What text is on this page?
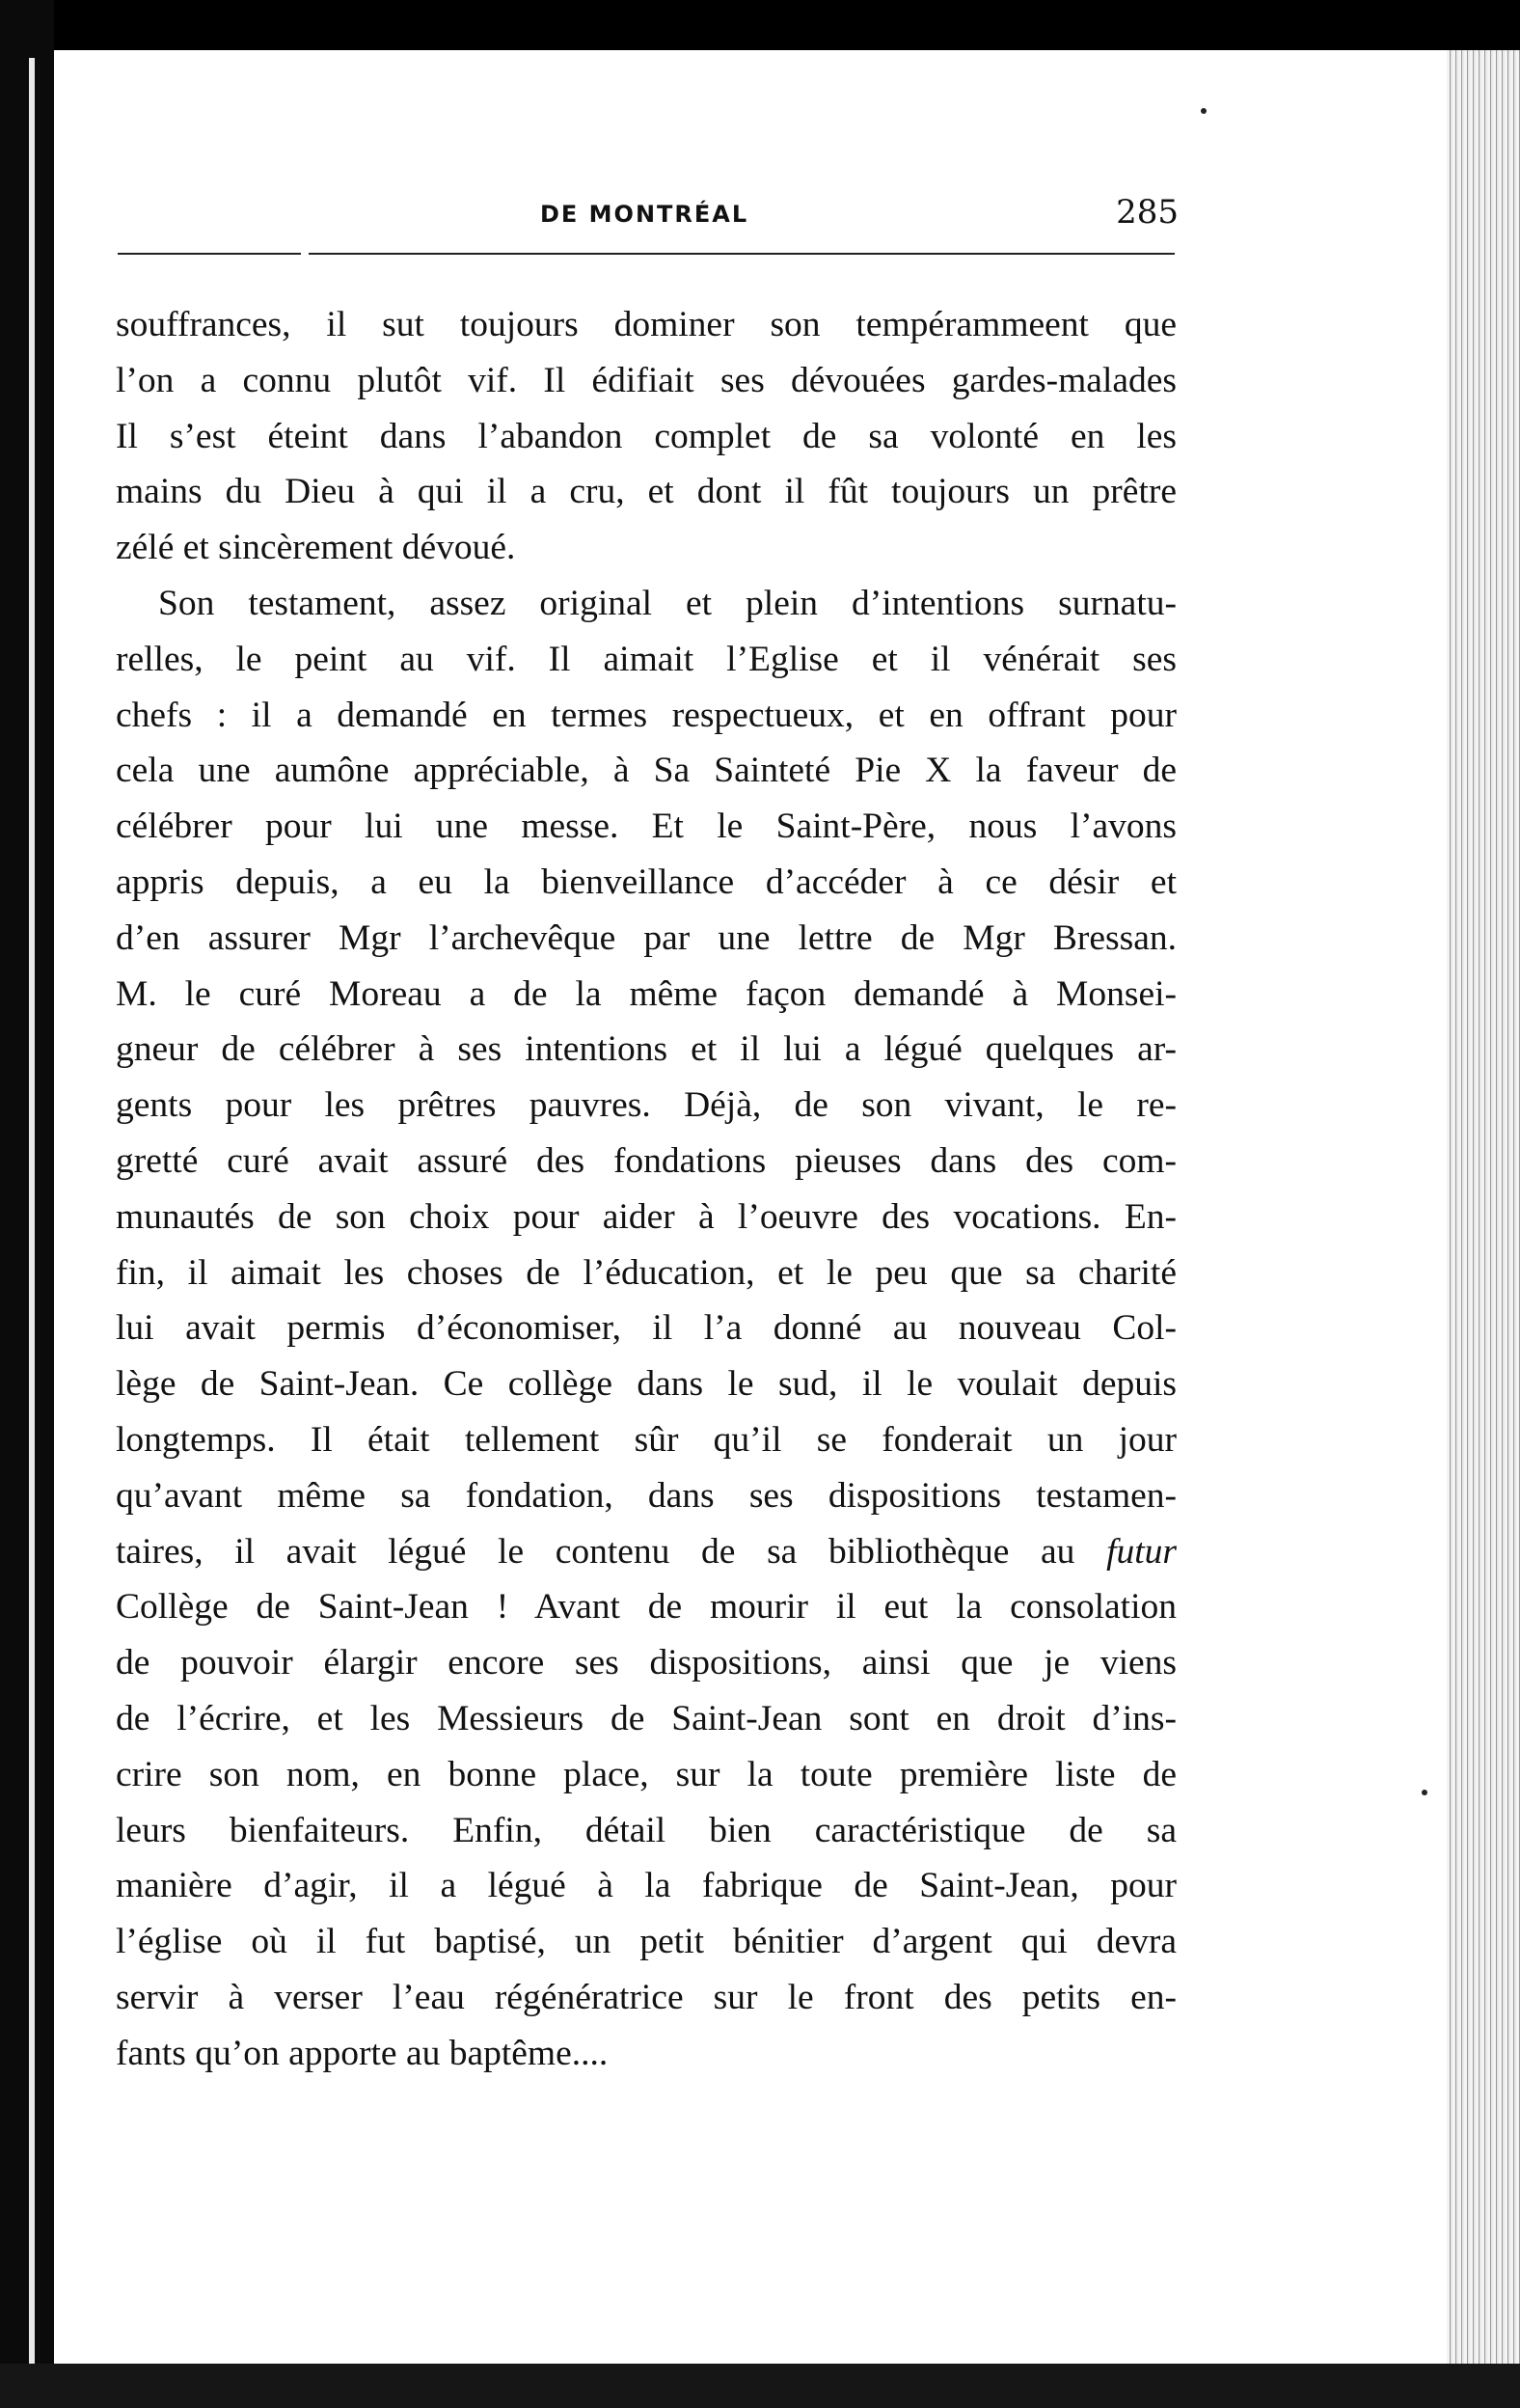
DE MONTRÉAL	285
souffrances, il sut toujours dominer son tempérammeent que
l’on a connu plutôt vif. Il édifiait ses dévouées gardes-malades
Il s’est éteint dans l’abandon complet de sa volonté en les
mains du Dieu à qui il a cru, et dont il fût toujours un prêtre
zélé et sincèrement dévoué.
Son testament, assez original et plein d’intentions surnatu-
relles, le peint au vif. Il aimait l’Eglise et il vénérait ses
chefs : il a demandé en termes respectueux, et en offrant pour
cela une aumône appréciable, à Sa Sainteté Pie X la faveur de
célébrer pour lui une messe. Et le Saint-Père, nous l’avons
appris depuis, a eu la bienveillance d’accéder à ce désir et
d’en assurer Mgr l’archevêque par une lettre de Mgr Bressan.
M. le curé Moreau a de la même façon demandé à Monsei-
gneur de célébrer à ses intentions et il lui a légué quelques ar-
gents pour les prêtres pauvres. Déjà, de son vivant, le re-
gretté curé avait assuré des fondations pieuses dans des com-
munautés de son choix pour aider à l’oeuvre des vocations. En-
fin, il aimait les choses de l’éducation, et le peu que sa charité
lui avait permis d’économiser, il l’a donné au nouveau Col-
lège de Saint-Jean. Ce collège dans le sud, il le voulait depuis
longtemps. Il était tellement sûr qu’il se fonderait un jour
qu’avant même sa fondation, dans ses dispositions testamen-
taires, il avait légué le contenu de sa bibliothèque au futur
Collège de Saint-Jean ! Avant de mourir il eut la consolation
de pouvoir élargir encore ses dispositions, ainsi que je viens
de l’écrire, et les Messieurs de Saint-Jean sont en droit d’ins-
crire son nom, en bonne place, sur la toute première liste de
leurs bienfaiteurs. Enfin, détail bien caractéristique de sa
manière d’agir, il a légué à la fabrique de Saint-Jean, pour
l’église où il fut baptisé, un petit bénitier d’argent qui devra
servir à verser l’eau régénératrice sur le front des petits en-
fants qu’on apporte au baptême....
